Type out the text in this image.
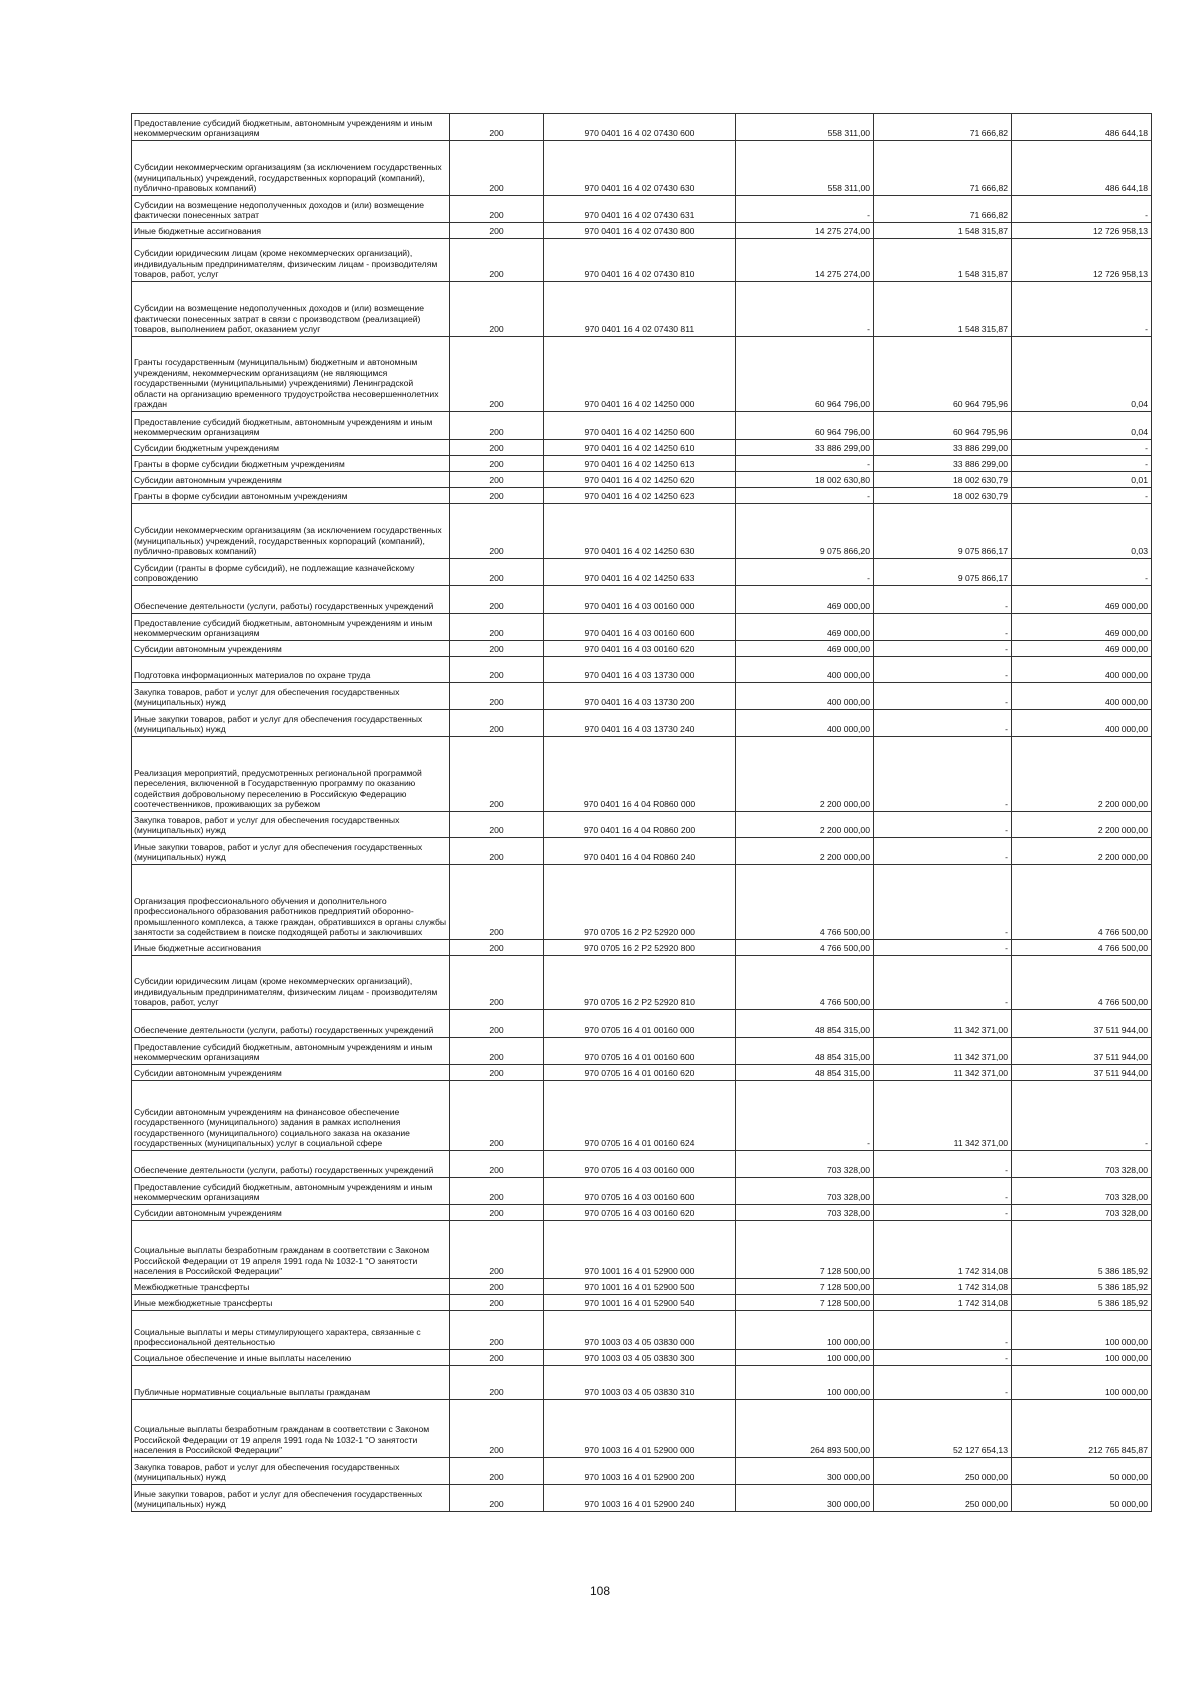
Предоставление субсидий бюджетным, автономным учреждениям и иным некоммерческим организациям	200	970 0401 16 4 02 07430 600	558 311,00	71 666,82	486 644,18
Субсидии некоммерческим организациям (за исключением государственных (муниципальных) учреждений, государственных корпораций (компаний), публично-правовых компаний)	200	970 0401 16 4 02 07430 630	558 311,00	71 666,82	486 644,18
Субсидии на возмещение недополученных доходов и (или) возмещение фактически понесенных затрат	200	970 0401 16 4 02 07430 631	-	71 666,82	-
Иные бюджетные ассигнования	200	970 0401 16 4 02 07430 800	14 275 274,00	1 548 315,87	12 726 958,13
Субсидии юридическим лицам (кроме некоммерческих организаций), индивидуальным предпринимателям, физическим лицам - производителям товаров, работ, услуг	200	970 0401 16 4 02 07430 810	14 275 274,00	1 548 315,87	12 726 958,13
Субсидии на возмещение недополученных доходов и (или) возмещение фактически понесенных затрат в связи с производством (реализацией) товаров, выполнением работ, оказанием услуг	200	970 0401 16 4 02 07430 811	-	1 548 315,87	-
Гранты государственным (муниципальным) бюджетным и автономным учреждениям, некоммерческим организациям (не являющимся государственными (муниципальными) учреждениями) Ленинградской области на организацию временного трудоустройства несовершеннолетних граждан	200	970 0401 16 4 02 14250 000	60 964 796,00	60 964 795,96	0,04
Предоставление субсидий бюджетным, автономным учреждениям и иным некоммерческим организациям	200	970 0401 16 4 02 14250 600	60 964 796,00	60 964 795,96	0,04
Субсидии бюджетным учреждениям	200	970 0401 16 4 02 14250 610	33 886 299,00	33 886 299,00	-
Гранты в форме субсидии бюджетным учреждениям	200	970 0401 16 4 02 14250 613	-	33 886 299,00	-
Субсидии автономным учреждениям	200	970 0401 16 4 02 14250 620	18 002 630,80	18 002 630,79	0,01
Гранты в форме субсидии автономным учреждениям	200	970 0401 16 4 02 14250 623	-	18 002 630,79	-
Субсидии некоммерческим организациям (за исключением государственных (муниципальных) учреждений, государственных корпораций (компаний), публично-правовых компаний)	200	970 0401 16 4 02 14250 630	9 075 866,20	9 075 866,17	0,03
Субсидии (гранты в форме субсидий), не подлежащие казначейскому сопровождению	200	970 0401 16 4 02 14250 633	-	9 075 866,17	-
Обеспечение деятельности (услуги, работы) государственных учреждений	200	970 0401 16 4 03 00160 000	469 000,00	-	469 000,00
Предоставление субсидий бюджетным, автономным учреждениям и иным некоммерческим организациям	200	970 0401 16 4 03 00160 600	469 000,00	-	469 000,00
Субсидии автономным учреждениям	200	970 0401 16 4 03 00160 620	469 000,00	-	469 000,00
Подготовка информационных материалов по охране труда	200	970 0401 16 4 03 13730 000	400 000,00	-	400 000,00
Закупка товаров, работ и услуг для обеспечения государственных (муниципальных) нужд	200	970 0401 16 4 03 13730 200	400 000,00	-	400 000,00
Иные закупки товаров, работ и услуг для обеспечения государственных (муниципальных) нужд	200	970 0401 16 4 03 13730 240	400 000,00	-	400 000,00
Реализация мероприятий, предусмотренных региональной программой переселения, включенной в Государственную программу по оказанию содействия добровольному переселению в Российскую Федерацию соотечественников, проживающих за рубежом	200	970 0401 16 4 04 R0860 000	2 200 000,00	-	2 200 000,00
Закупка товаров, работ и услуг для обеспечения государственных (муниципальных) нужд	200	970 0401 16 4 04 R0860 200	2 200 000,00	-	2 200 000,00
Иные закупки товаров, работ и услуг для обеспечения государственных (муниципальных) нужд	200	970 0401 16 4 04 R0860 240	2 200 000,00	-	2 200 000,00
Организация профессионального обучения и дополнительного профессионального образования работников предприятий оборонно-промышленного комплекса, а также граждан, обратившихся в органы службы занятости за содействием в поиске подходящей работы и заключивших	200	970 0705 16 2 P2 52920 000	4 766 500,00	-	4 766 500,00
Иные бюджетные ассигнования	200	970 0705 16 2 P2 52920 800	4 766 500,00	-	4 766 500,00
Субсидии юридическим лицам (кроме некоммерческих организаций), индивидуальным предпринимателям, физическим лицам - производителям товаров, работ, услуг	200	970 0705 16 2 P2 52920 810	4 766 500,00	-	4 766 500,00
Обеспечение деятельности (услуги, работы) государственных учреждений	200	970 0705 16 4 01 00160 000	48 854 315,00	11 342 371,00	37 511 944,00
Предоставление субсидий бюджетным, автономным учреждениям и иным некоммерческим организациям	200	970 0705 16 4 01 00160 600	48 854 315,00	11 342 371,00	37 511 944,00
Субсидии автономным учреждениям	200	970 0705 16 4 01 00160 620	48 854 315,00	11 342 371,00	37 511 944,00
Субсидии автономным учреждениям на финансовое обеспечение государственного (муниципального) задания в рамках исполнения государственного (муниципального) социального заказа на оказание государственных (муниципальных) услуг в социальной сфере	200	970 0705 16 4 01 00160 624	-	11 342 371,00	-
Обеспечение деятельности (услуги, работы) государственных учреждений	200	970 0705 16 4 03 00160 000	703 328,00	-	703 328,00
Предоставление субсидий бюджетным, автономным учреждениям и иным некоммерческим организациям	200	970 0705 16 4 03 00160 600	703 328,00	-	703 328,00
Субсидии автономным учреждениям	200	970 0705 16 4 03 00160 620	703 328,00	-	703 328,00
Социальные выплаты безработным гражданам в соответствии с Законом Российской Федерации от 19 апреля 1991 года № 1032-1 "О занятости населения в Российской Федерации"	200	970 1001 16 4 01 52900 000	7 128 500,00	1 742 314,08	5 386 185,92
Межбюджетные трансферты	200	970 1001 16 4 01 52900 500	7 128 500,00	1 742 314,08	5 386 185,92
Иные межбюджетные трансферты	200	970 1001 16 4 01 52900 540	7 128 500,00	1 742 314,08	5 386 185,92
Социальные выплаты и меры стимулирующего характера, связанные с профессиональной деятельностью	200	970 1003 03 4 05 03830 000	100 000,00	-	100 000,00
Социальное обеспечение и иные выплаты населению	200	970 1003 03 4 05 03830 300	100 000,00	-	100 000,00
Публичные нормативные социальные выплаты гражданам	200	970 1003 03 4 05 03830 310	100 000,00	-	100 000,00
Социальные выплаты безработным гражданам в соответствии с Законом Российской Федерации от 19 апреля 1991 года № 1032-1 "О занятости населения в Российской Федерации"	200	970 1003 16 4 01 52900 000	264 893 500,00	52 127 654,13	212 765 845,87
Закупка товаров, работ и услуг для обеспечения государственных (муниципальных) нужд	200	970 1003 16 4 01 52900 200	300 000,00	250 000,00	50 000,00
Иные закупки товаров, работ и услуг для обеспечения государственных (муниципальных) нужд	200	970 1003 16 4 01 52900 240	300 000,00	250 000,00	50 000,00
108
